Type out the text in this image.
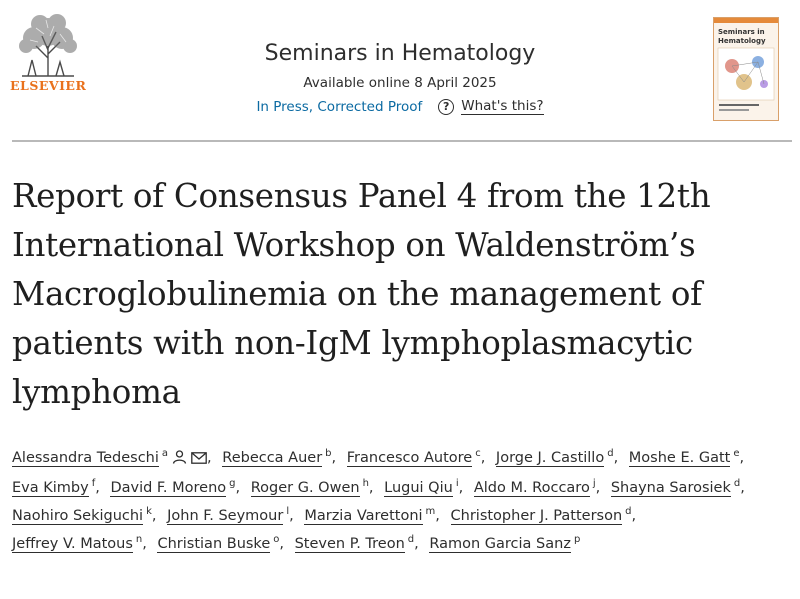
ELSEVIER
Seminars in Hematology
Available online 8 April 2025
In Press, Corrected Proof	? What's this?
Seminars in Hematology
Report of Consensus Panel 4 from the 12th International Workshop on Waldenström’s Macroglobulinemia on the management of patients with non-IgM lymphoplasmacytic lymphoma
Alessandra Tedeschi $^a$	, Rebecca Auer $^b$, Francesco Autore $^c$, Jorge J. Castillo $^d$, Moshe E. Gatt $^e$, Eva Kimby $^f$, David F. Moreno $^g$, Roger G. Owen $^h$, Lugui Qiu $^i$, Aldo M. Roccaro $^j$, Shayna Sarosiek $^d$, Naohiro Sekiguchi $^k$, John F. Seymour $^l$, Marzia Varettoni $^m$, Christopher J. Patterson $^d$, Jeffrey V. Matous $^n$, Christian Buske $^o$, Steven P. Treon $^d$, Ramon Garcia Sanz $^p$
